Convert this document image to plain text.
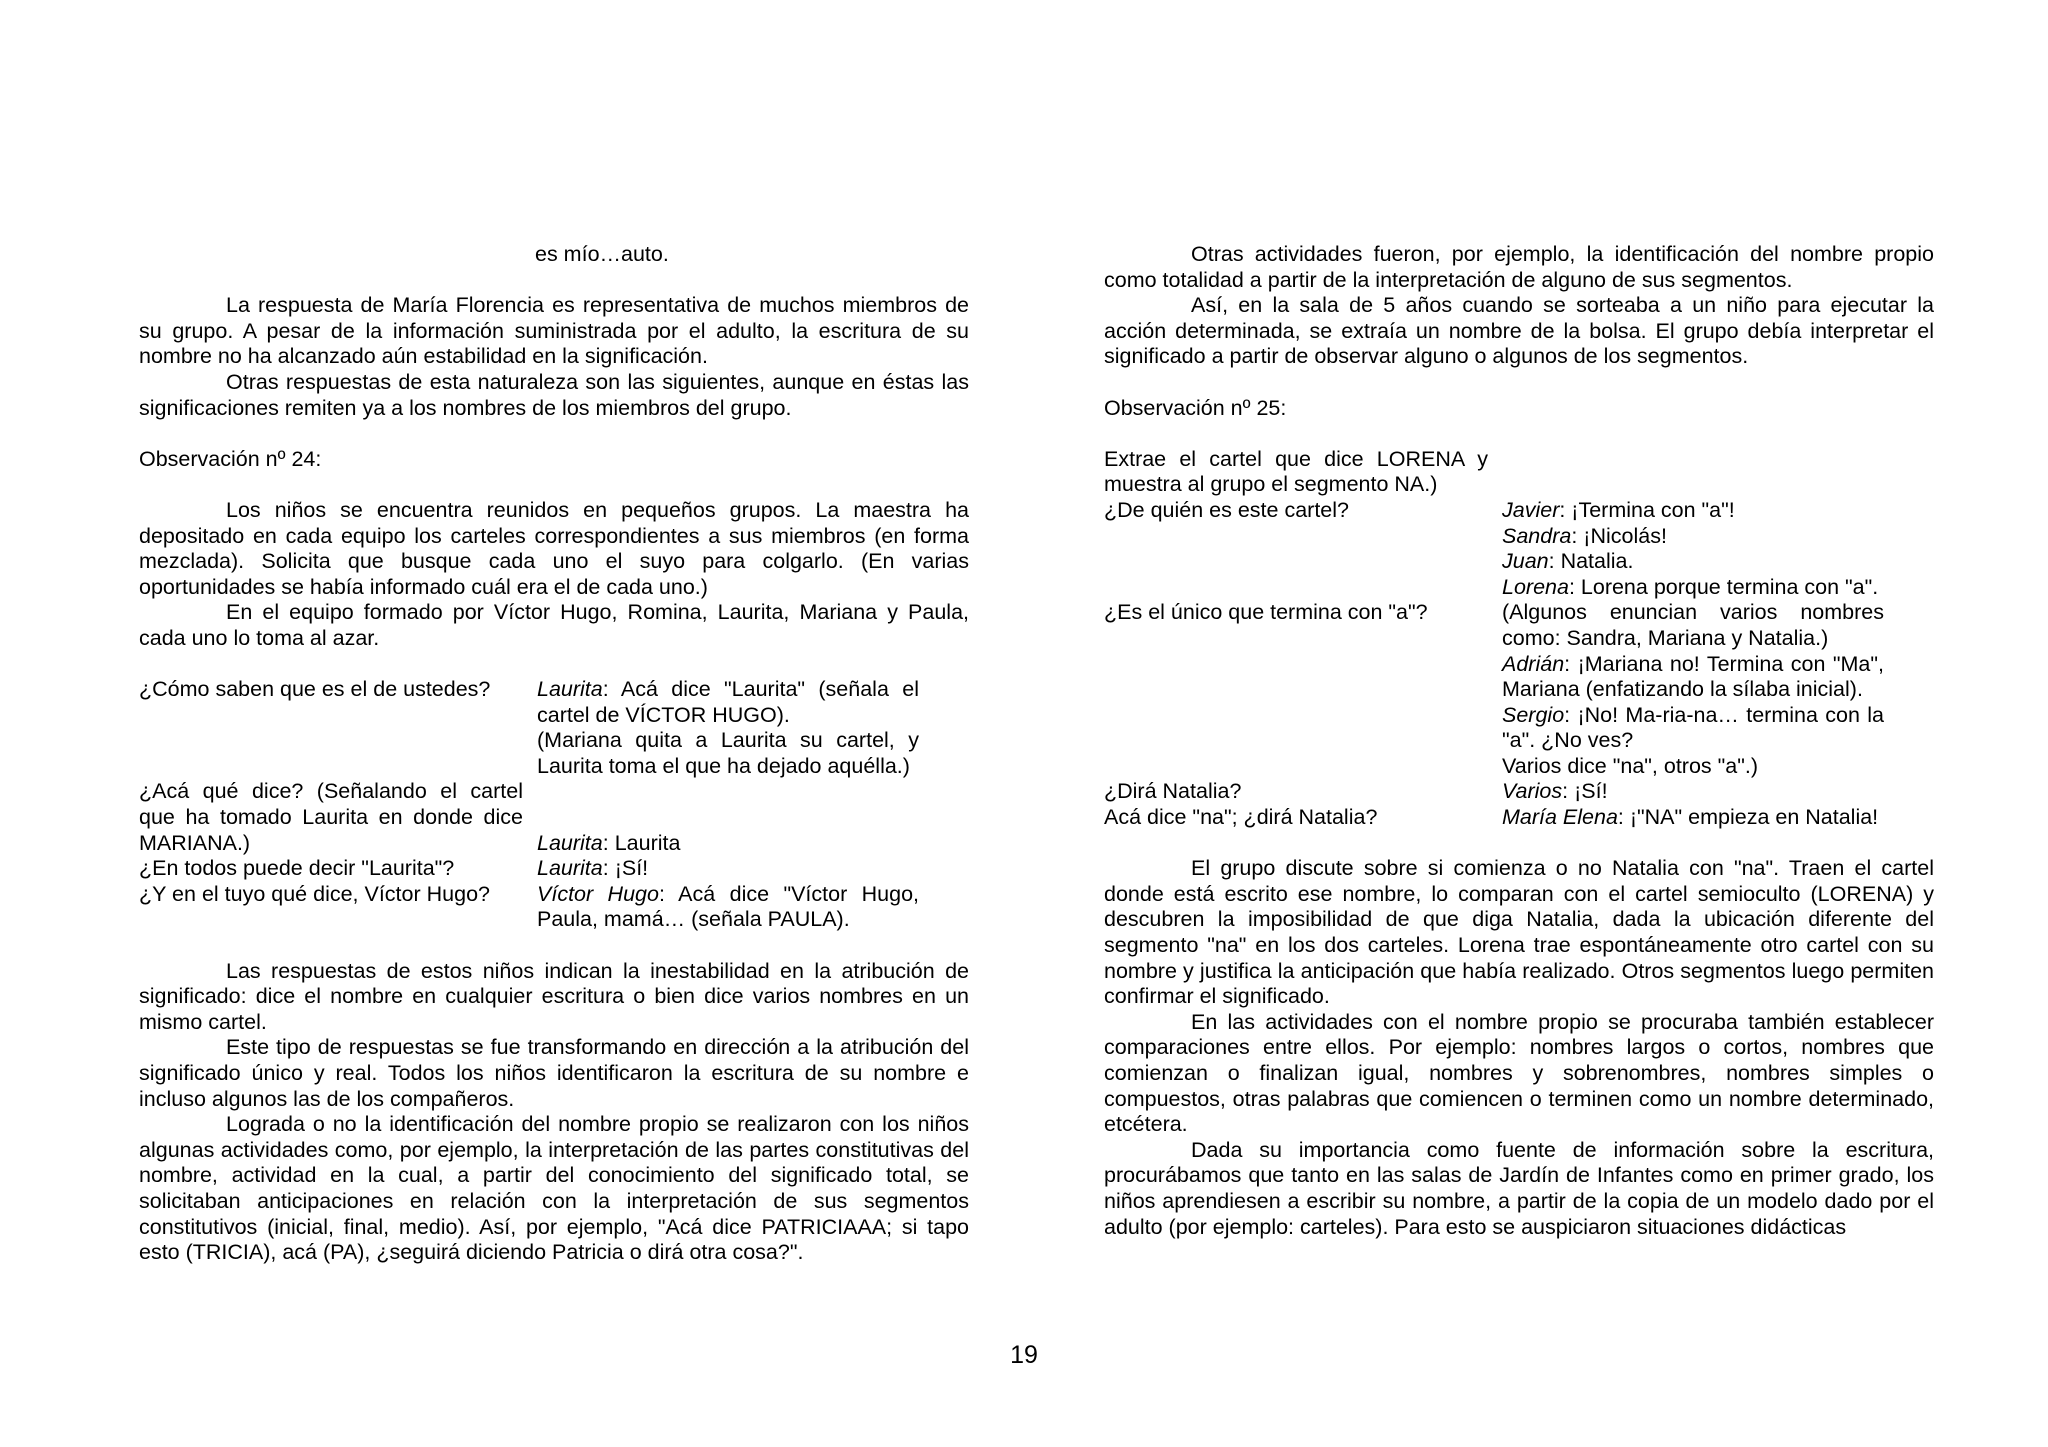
es mío…auto.

La respuesta de María Florencia es representativa de muchos miembros de su grupo. A pesar de la información suministrada por el adulto, la escritura de su nombre no ha alcanzado aún estabilidad en la significación.

Otras respuestas de esta naturaleza son las siguientes, aunque en éstas las significaciones remiten ya a los nombres de los miembros del grupo.

Observación nº 24:

Los niños se encuentra reunidos en pequeños grupos. La maestra ha depositado en cada equipo los carteles correspondientes a sus miembros (en forma mezclada). Solicita que busque cada uno el suyo para colgarlo. (En varias oportunidades se había informado cuál era el de cada uno.)

En el equipo formado por Víctor Hugo, Romina, Laurita, Mariana y Paula, cada uno lo toma al azar.

¿Cómo saben que es el de ustedes?	Laurita: Acá dice "Laurita" (señala el cartel de VÍCTOR HUGO).
(Mariana quita a Laurita su cartel, y Laurita toma el que ha dejado aquélla.)
¿Acá qué dice? (Señalando el cartel que ha tomado Laurita en donde dice MARIANA.)	Laurita: Laurita
¿En todos puede decir "Laurita"?	Laurita: ¡Sí!
¿Y en el tuyo qué dice, Víctor Hugo?	Víctor Hugo: Acá dice "Víctor Hugo, Paula, mamá… (señala PAULA).

Las respuestas de estos niños indican la inestabilidad en la atribución de significado: dice el nombre en cualquier escritura o bien dice varios nombres en un mismo cartel.

Este tipo de respuestas se fue transformando en dirección a la atribución del significado único y real. Todos los niños identificaron la escritura de su nombre e incluso algunos las de los compañeros.

Lograda o no la identificación del nombre propio se realizaron con los niños algunas actividades como, por ejemplo, la interpretación de las partes constitutivas del nombre, actividad en la cual, a partir del conocimiento del significado total, se solicitaban anticipaciones en relación con la interpretación de sus segmentos constitutivos (inicial, final, medio). Así, por ejemplo, "Acá dice PATRICIAAA; si tapo esto (TRICIA), acá (PA), ¿seguirá diciendo Patricia o dirá otra cosa?".

Otras actividades fueron, por ejemplo, la identificación del nombre propio como totalidad a partir de la interpretación de alguno de sus segmentos.

Así, en la sala de 5 años cuando se sorteaba a un niño para ejecutar la acción determinada, se extraía un nombre de la bolsa. El grupo debía interpretar el significado a partir de observar alguno o algunos de los segmentos.

Observación nº 25:

Extrae el cartel que dice LORENA y muestra al grupo el segmento NA.)
¿De quién es este cartel?	Javier: ¡Termina con "a"!
Sandra: ¡Nicolás!
Juan: Natalia.
Lorena: Lorena porque termina con "a".
¿Es el único que termina con "a"?	(Algunos enuncian varios nombres como: Sandra, Mariana y Natalia.)
Adrián: ¡Mariana no! Termina con "Ma", Mariana (enfatizando la sílaba inicial).
Sergio: ¡No! Ma-ria-na… termina con la "a". ¿No ves?
Varios dice "na", otros "a".)
¿Dirá Natalia?	Varios: ¡Sí!
Acá dice "na"; ¿dirá Natalia?	María Elena: ¡"NA" empieza en Natalia!

El grupo discute sobre si comienza o no Natalia con "na". Traen el cartel donde está escrito ese nombre, lo comparan con el cartel semioculto (LORENA) y descubren la imposibilidad de que diga Natalia, dada la ubicación diferente del segmento "na" en los dos carteles. Lorena trae espontáneamente otro cartel con su nombre y justifica la anticipación que había realizado. Otros segmentos luego permiten confirmar el significado.

En las actividades con el nombre propio se procuraba también establecer comparaciones entre ellos. Por ejemplo: nombres largos o cortos, nombres que comienzan o finalizan igual, nombres y sobrenombres, nombres simples o compuestos, otras palabras que comiencen o terminen como un nombre determinado, etcétera.

Dada su importancia como fuente de información sobre la escritura, procurábamos que tanto en las salas de Jardín de Infantes como en primer grado, los niños aprendiesen a escribir su nombre, a partir de la copia de un modelo dado por el adulto (por ejemplo: carteles). Para esto se auspiciaron situaciones didácticas

19
